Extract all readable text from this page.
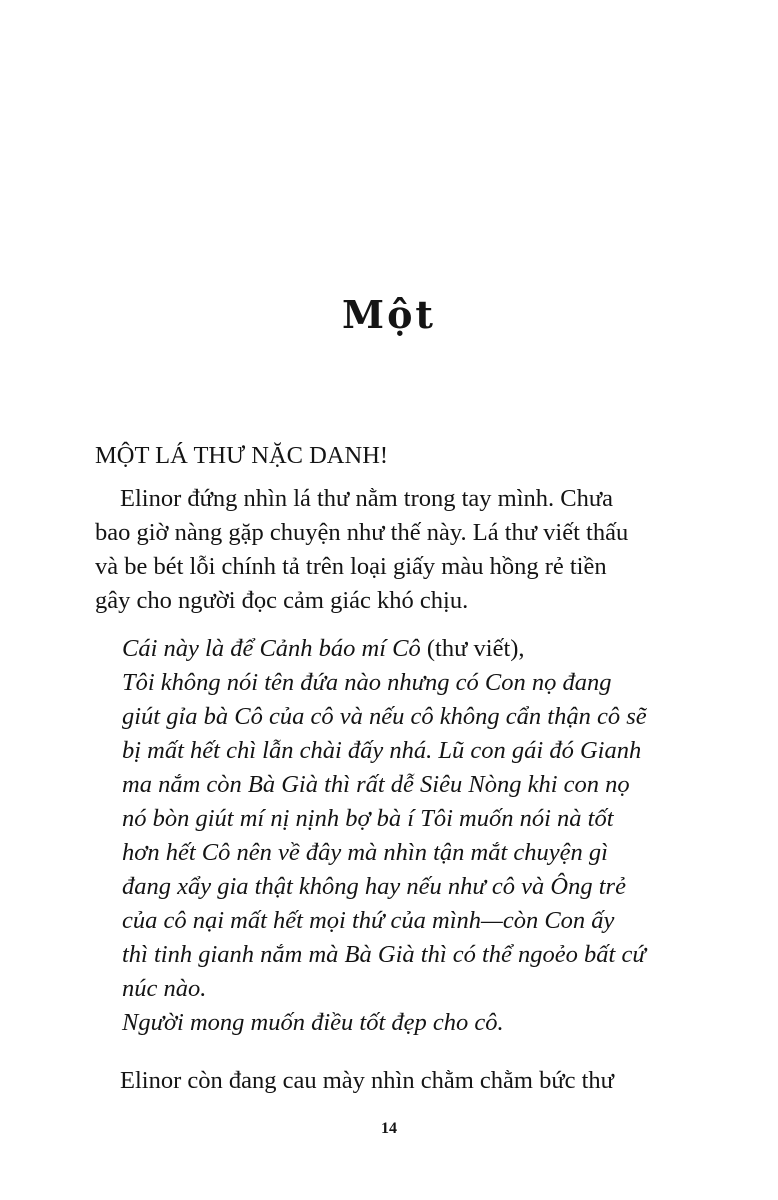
Một
MỘT LÁ THƯ NẶC DANH!
Elinor đứng nhìn lá thư nằm trong tay mình. Chưa
bao giờ nàng gặp chuyện như thế này. Lá thư viết thấu
và be bét lỗi chính tả trên loại giấy màu hồng rẻ tiền
gây cho người đọc cảm giác khó chịu.
Cái này là để Cảnh báo mí Cô (thư viết),
Tôi không nói tên đứa nào nhưng có Con nọ đang
giút gỉa bà Cô của cô và nếu cô không cẩn thận cô sẽ
bị mất hết chì lẫn chài đấy nhá. Lũ con gái đó Gianh
ma nắm còn Bà Già thì rất dễ Siêu Nòng khi con nọ
nó bòn giút mí nị nịnh bợ bà í Tôi muốn nói nà tốt
hơn hết Cô nên về đây mà nhìn tận mắt chuyện gì
đang xẩy gia thật không hay nếu như cô và Ông trẻ
của cô nại mất hết mọi thứ của mình—còn Con ấy
thì tinh gianh nắm mà Bà Già thì có thể ngoẻo bất cứ
núc nào.
Người mong muốn điều tốt đẹp cho cô.
Elinor còn đang cau mày nhìn chằm chằm bức thư
14
